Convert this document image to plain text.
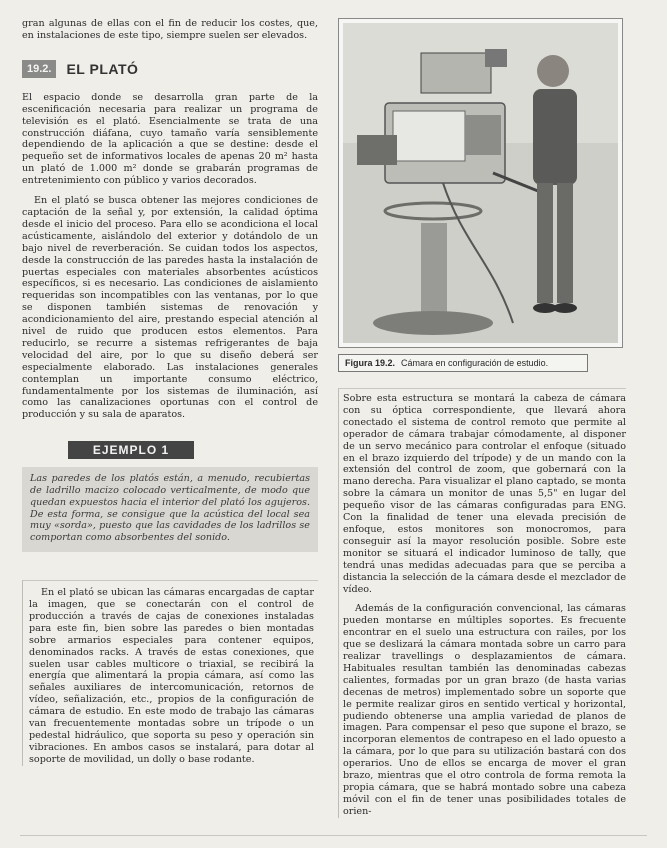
gran algunas de ellas con el fin de reducir los costes, que, en instalaciones de este tipo, siempre suelen ser elevados.

19.2.	EL PLATÓ

El espacio donde se desarrolla gran parte de la escenificación necesaria para realizar un programa de televisión es el plató. Esencialmente se trata de una construcción diáfana, cuyo tamaño varía sensiblemente dependiendo de la aplicación a que se destine: desde el pequeño set de informativos locales de apenas 20 m² hasta un plató de 1.000 m² donde se grabarán programas de entretenimiento con público y varios decorados.

En el plató se busca obtener las mejores condiciones de captación de la señal y, por extensión, la calidad óptima desde el inicio del proceso. Para ello se acondiciona el local acústicamente, aislándolo del exterior y dotándolo de un bajo nivel de reverberación. Se cuidan todos los aspectos, desde la construcción de las paredes hasta la instalación de puertas especiales con materiales absorbentes acústicos específicos, si es necesario. Las condiciones de aislamiento requeridas son incompatibles con las ventanas, por lo que se disponen también sistemas de renovación y acondicionamiento del aire, prestando especial atención al nivel de ruido que producen estos elementos. Para reducirlo, se recurre a sistemas refrigerantes de baja velocidad del aire, por lo que su diseño deberá ser especialmente elaborado. Las instalaciones generales contemplan un importante consumo eléctrico, fundamentalmente por los sistemas de iluminación, así como las canalizaciones oportunas con el control de producción y su sala de aparatos.

EJEMPLO 1
Las paredes de los platós están, a menudo, recubiertas de ladrillo macizo colocado verticalmente, de modo que quedan expuestos hacia el interior del plató los agujeros. De esta forma, se consigue que la acústica del local sea muy «sorda», puesto que las cavidades de los ladrillos se comportan como absorbentes del sonido.

En el plató se ubican las cámaras encargadas de captar la imagen, que se conectarán con el control de producción a través de cajas de conexiones instaladas para este fin, bien sobre las paredes o bien montadas sobre armarios especiales para contener equipos, denominados racks. A través de estas conexiones, que suelen usar cables multicore o triaxial, se recibirá la energía que alimentará la propia cámara, así como las señales auxiliares de intercomunicación, retornos de vídeo, señalización, etc., propios de la configuración de cámara de estudio. En este modo de trabajo las cámaras van frecuentemente montadas sobre un trípode o un pedestal hidráulico, que soporta su peso y operación sin vibraciones. En ambos casos se instalará, para dotar al soporte de movilidad, un dolly o base rodante.

Figura 19.2. Cámara en configuración de estudio.

Sobre esta estructura se montará la cabeza de cámara con su óptica correspondiente, que llevará ahora conectado el sistema de control remoto que permite al operador de cámara trabajar cómodamente, al disponer de un servo mecánico para controlar el enfoque (situado en el brazo izquierdo del trípode) y de un mando con la extensión del control de zoom, que gobernará con la mano derecha. Para visualizar el plano captado, se monta sobre la cámara un monitor de unas 5,5" en lugar del pequeño visor de las cámaras configuradas para ENG. Con la finalidad de tener una elevada precisión de enfoque, estos monitores son monocromos, para conseguir así la mayor resolución posible. Sobre este monitor se situará el indicador luminoso de tally, que tendrá unas medidas adecuadas para que se perciba a distancia la selección de la cámara desde el mezclador de vídeo.

Además de la configuración convencional, las cámaras pueden montarse en múltiples soportes. Es frecuente encontrar en el suelo una estructura con railes, por los que se deslizará la cámara montada sobre un carro para realizar travellings o desplazamientos de cámara. Habituales resultan también las denominadas cabezas calientes, formadas por un gran brazo (de hasta varias decenas de metros) implementado sobre un soporte que le permite realizar giros en sentido vertical y horizontal, pudiendo obtenerse una amplia variedad de planos de imagen. Para compensar el peso que supone el brazo, se incorporan elementos de contrapeso en el lado opuesto a la cámara, por lo que para su utilización bastará con dos operarios. Uno de ellos se encarga de mover el gran brazo, mientras que el otro controla de forma remota la propia cámara, que se habrá montado sobre una cabeza móvil con el fin de tener unas posibilidades totales de orien-
